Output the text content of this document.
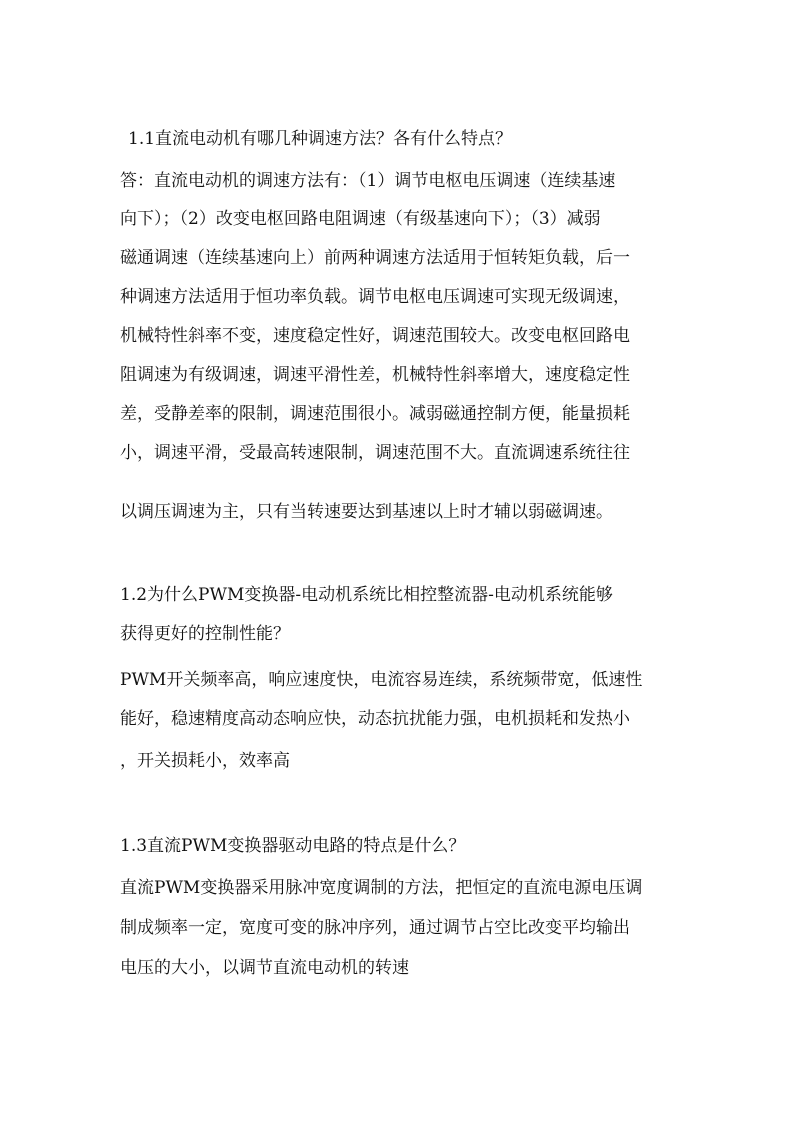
1.1直流电动机有哪几种调速方法？各有什么特点？
答：直流电动机的调速方法有：（1）调节电枢电压调速（连续基速
向下）；（2）改变电枢回路电阻调速（有级基速向下）；（3）减弱
磁通调速（连续基速向上）前两种调速方法适用于恒转矩负载，后一
种调速方法适用于恒功率负载。调节电枢电压调速可实现无级调速，
机械特性斜率不变，速度稳定性好，调速范围较大。改变电枢回路电
阻调速为有级调速，调速平滑性差，机械特性斜率增大，速度稳定性
差，受静差率的限制，调速范围很小。减弱磁通控制方便，能量损耗
小，调速平滑，受最高转速限制，调速范围不大。直流调速系统往往
以调压调速为主，只有当转速要达到基速以上时才辅以弱磁调速。
1.2为什么PWM变换器-电动机系统比相控整流器-电动机系统能够
获得更好的控制性能？
PWM开关频率高，响应速度快，电流容易连续，系统频带宽，低速性
能好，稳速精度高动态响应快，动态抗扰能力强，电机损耗和发热小
，开关损耗小，效率高
1.3直流PWM变换器驱动电路的特点是什么？
直流PWM变换器采用脉冲宽度调制的方法，把恒定的直流电源电压调
制成频率一定，宽度可变的脉冲序列，通过调节占空比改变平均输出
电压的大小，以调节直流电动机的转速
